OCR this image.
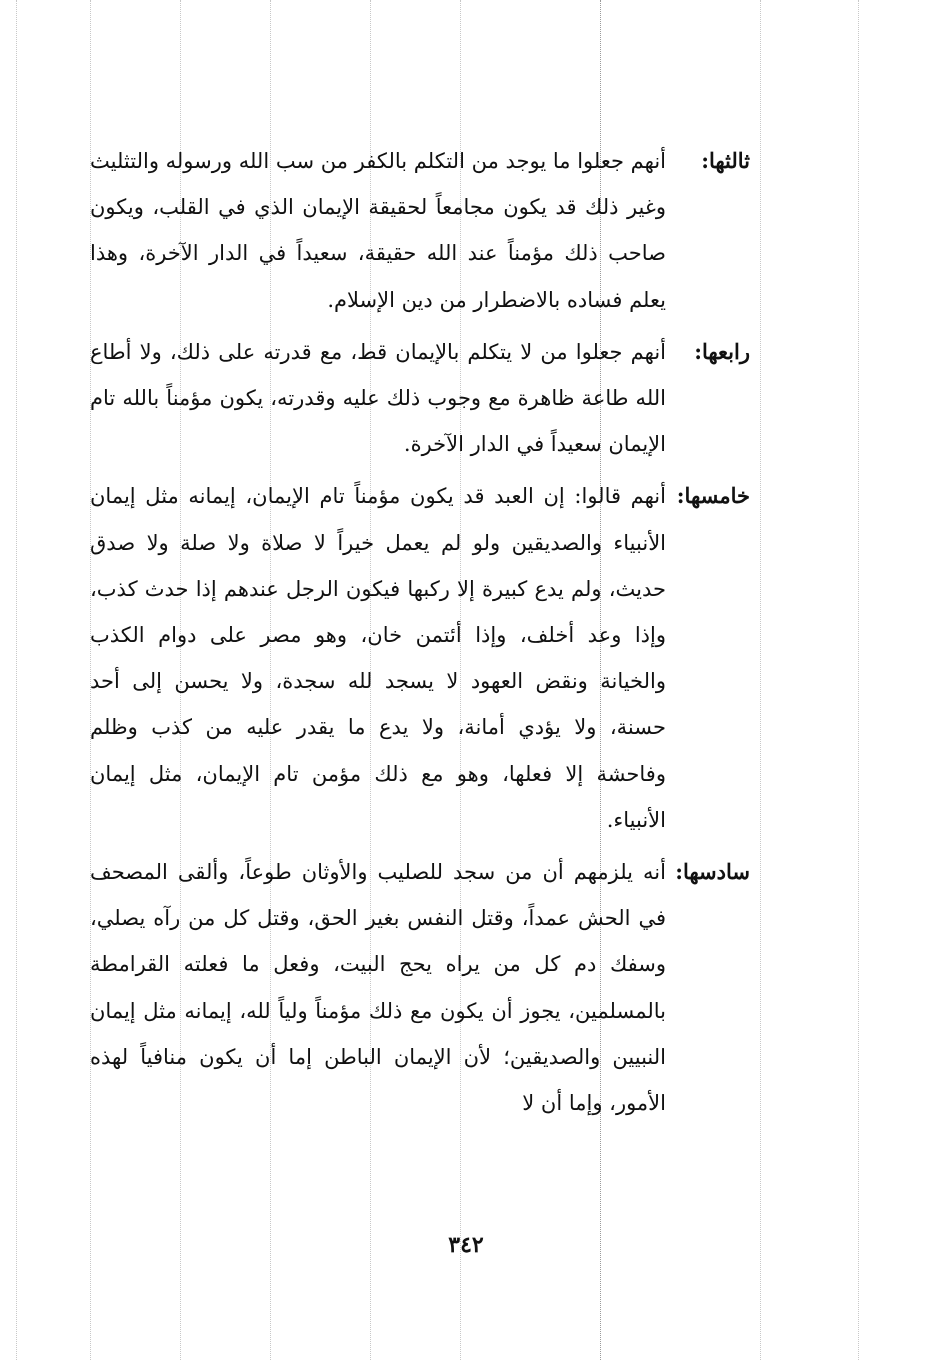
ثالثها:
أنهم جعلوا ما يوجد من التكلم بالكفر من سب الله ورسوله والتثليث وغير ذلك قد يكون مجامعاً لحقيقة الإيمان الذي في القلب، ويكون صاحب ذلك مؤمناً عند الله حقيقة، سعيداً في الدار الآخرة، وهذا يعلم فساده بالاضطرار من دين الإسلام.
رابعها:
أنهم جعلوا من لا يتكلم بالإيمان قط، مع قدرته على ذلك، ولا أطاع الله طاعة ظاهرة مع وجوب ذلك عليه وقدرته، يكون مؤمناً بالله تام الإيمان سعيداً في الدار الآخرة.
خامسها:
أنهم قالوا: إن العبد قد يكون مؤمناً تام الإيمان، إيمانه مثل إيمان الأنبياء والصديقين ولو لم يعمل خيراً لا صلاة ولا صلة ولا صدق حديث، ولم يدع كبيرة إلا ركبها فيكون الرجل عندهم إذا حدث كذب، وإذا وعد أخلف، وإذا أئتمن خان، وهو مصر على دوام الكذب والخيانة ونقض العهود لا يسجد لله سجدة، ولا يحسن إلى أحد حسنة، ولا يؤدي أمانة، ولا يدع ما يقدر عليه من كذب وظلم وفاحشة إلا فعلها، وهو مع ذلك مؤمن تام الإيمان، مثل إيمان الأنبياء.
سادسها:
أنه يلزمهم أن من سجد للصليب والأوثان طوعاً، وألقى المصحف في الحش عمداً، وقتل النفس بغير الحق، وقتل كل من رآه يصلي، وسفك دم كل من يراه يحج البيت، وفعل ما فعلته القرامطة بالمسلمين، يجوز أن يكون مع ذلك مؤمناً ولياً لله، إيمانه مثل إيمان النبيين والصديقين؛ لأن الإيمان الباطن إما أن يكون منافياً لهذه الأمور، وإما أن لا
٣٤٢
